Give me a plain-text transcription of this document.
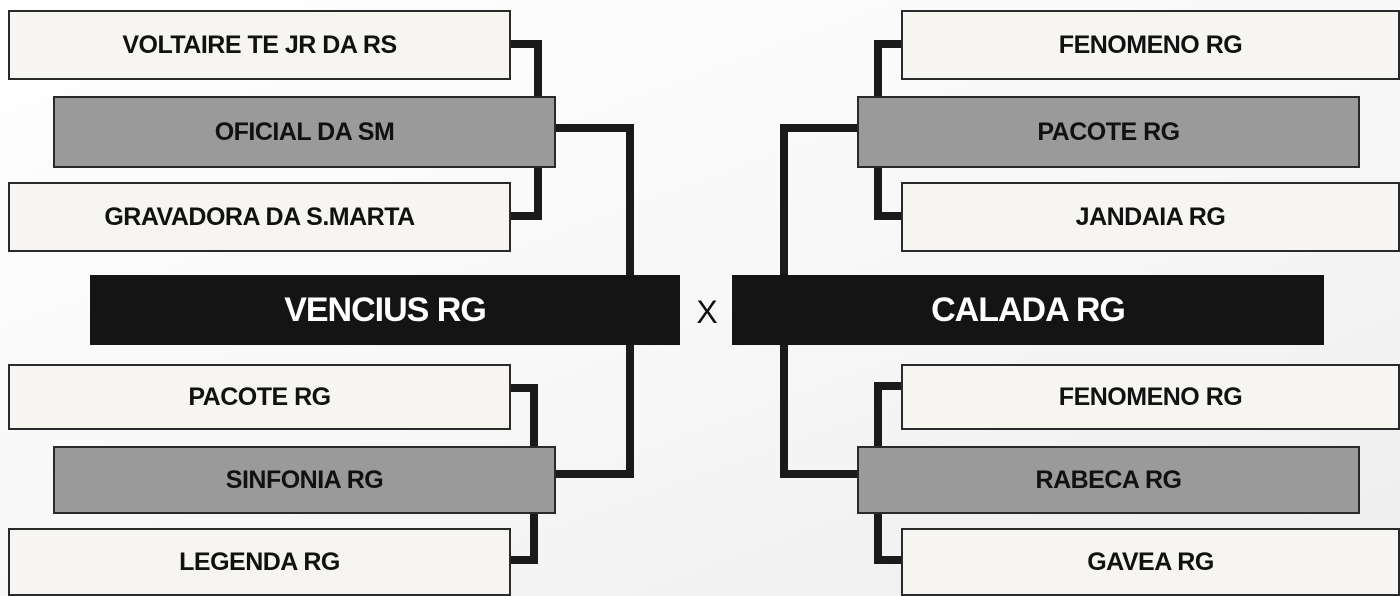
VOLTAIRE TE JR DA RS
OFICIAL DA SM
GRAVADORA DA S.MARTA
VENCIUS RG
PACOTE RG
SINFONIA RG
LEGENDA RG
X
FENOMENO RG
PACOTE RG
JANDAIA RG
CALADA RG
FENOMENO RG
RABECA RG
GAVEA RG
